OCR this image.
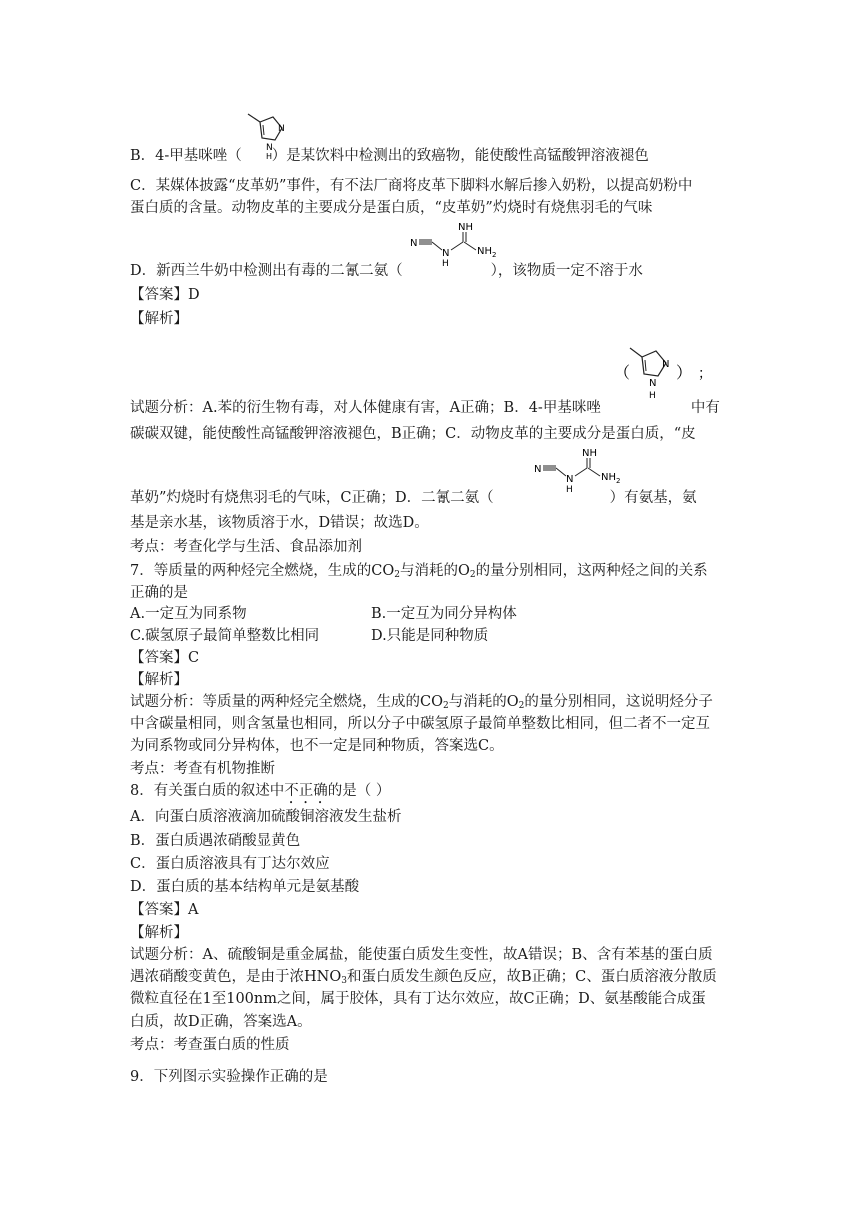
N
N
H
B．4-甲基咪唑（ ）是某饮料中检测出的致癌物，能使酸性高锰酸钾溶液褪色
C．某媒体披露“皮革奶”事件，有不法厂商将皮革下脚料水解后掺入奶粉，以提高奶粉中
蛋白质的含量。动物皮革的主要成分是蛋白质，“皮革奶”灼烧时有烧焦羽毛的气味
N
N
H
NH
$NH_2$
D．新西兰牛奶中检测出有毒的二氰二氨（	），该物质一定不溶于水
【答案】D
【解析】
（	N
N
H
） ；
试题分析：A.苯的衍生物有毒，对人体健康有害，A正确；B．4-甲基咪唑	中有
碳碳双键，能使酸性高锰酸钾溶液褪色，B正确；C．动物皮革的主要成分是蛋白质，“皮
N
N
H
NH
$NH_2$
革奶”灼烧时有烧焦羽毛的气味，C正确；D．二氰二氨（	）有氨基，氨
基是亲水基，该物质溶于水，D错误；故选D。
考点：考查化学与生活、食品添加剂
7．等质量的两种烃完全燃烧，生成的$CO_2$与消耗的$O_2$的量分别相同，这两种烃之间的关系
正确的是
A.一定互为同系物	B.一定互为同分异构体
C.碳氢原子最简单整数比相同	D.只能是同种物质
【答案】C
【解析】
试题分析：等质量的两种烃完全燃烧，生成的$CO_2$与消耗的$O_2$的量分别相同，这说明烃分子
中含碳量相同，则含氢量也相同，所以分子中碳氢原子最简单整数比相同，但二者不一定互
为同系物或同分异构体，也不一定是同种物质，答案选C。
考点：考查有机物推断
8．有关蛋白质的叙述中不正确的是（ ）
A．向蛋白质溶液滴加硫酸铜溶液发生盐析
B．蛋白质遇浓硝酸显黄色
C．蛋白质溶液具有丁达尔效应
D．蛋白质的基本结构单元是氨基酸
【答案】A
【解析】
试题分析：A、硫酸铜是重金属盐，能使蛋白质发生变性，故A错误；B、含有苯基的蛋白质
遇浓硝酸变黄色，是由于浓$HNO_3$和蛋白质发生颜色反应，故B正确；C、蛋白质溶液分散质
微粒直径在1至100nm之间，属于胶体，具有丁达尔效应，故C正确；D、氨基酸能合成蛋
白质，故D正确，答案选A。
考点：考查蛋白质的性质
9．下列图示实验操作正确的是
